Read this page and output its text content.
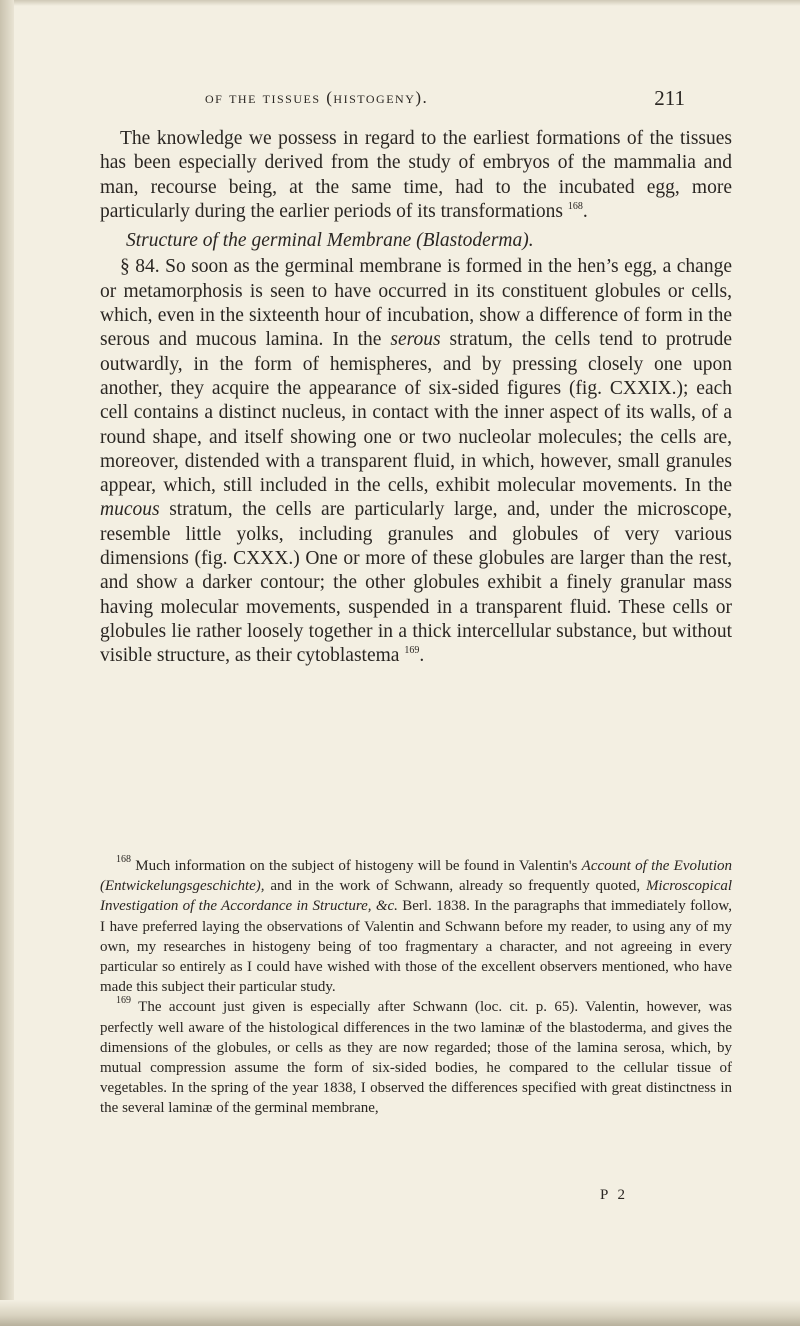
of the tissues (histogeny).	211

The knowledge we possess in regard to the earliest formations of the tissues has been especially derived from the study of embryos of the mammalia and man, recourse being, at the same time, had to the incubated egg, more particularly during the earlier periods of its transformations $^{168}$.

Structure of the germinal Membrane (Blastoderma).

§ 84. So soon as the germinal membrane is formed in the hen’s egg, a change or metamorphosis is seen to have occurred in its constituent globules or cells, which, even in the sixteenth hour of incubation, show a difference of form in the serous and mucous lamina. In the serous stratum, the cells tend to protrude outwardly, in the form of hemispheres, and by pressing closely one upon another, they acquire the appearance of six-sided figures (fig. CXXIX.); each cell contains a distinct nucleus, in contact with the inner aspect of its walls, of a round shape, and itself showing one or two nucleolar molecules; the cells are, moreover, distended with a transparent fluid, in which, however, small granules appear, which, still included in the cells, exhibit molecular movements. In the mucous stratum, the cells are particularly large, and, under the microscope, resemble little yolks, including granules and globules of very various dimensions (fig. CXXX.) One or more of these globules are larger than the rest, and show a darker contour; the other globules exhibit a finely granular mass having molecular movements, suspended in a transparent fluid. These cells or globules lie rather loosely together in a thick intercellular substance, but without visible structure, as their cytoblastema $^{169}$.

$^{168}$ Much information on the subject of histogeny will be found in Valentin's Account of the Evolution (Entwickelungsgeschichte), and in the work of Schwann, already so frequently quoted, Microscopical Investigation of the Accordance in Structure, &c. Berl. 1838. In the paragraphs that immediately follow, I have preferred laying the observations of Valentin and Schwann before my reader, to using any of my own, my researches in histogeny being of too fragmentary a character, and not agreeing in every particular so entirely as I could have wished with those of the excellent observers mentioned, who have made this subject their particular study.

$^{169}$ The account just given is especially after Schwann (loc. cit. p. 65). Valentin, however, was perfectly well aware of the histological differences in the two laminæ of the blastoderma, and gives the dimensions of the globules, or cells as they are now regarded; those of the lamina serosa, which, by mutual compression assume the form of six-sided bodies, he compared to the cellular tissue of vegetables. In the spring of the year 1838, I observed the differences specified with great distinctness in the several laminæ of the germinal membrane,

P 2
